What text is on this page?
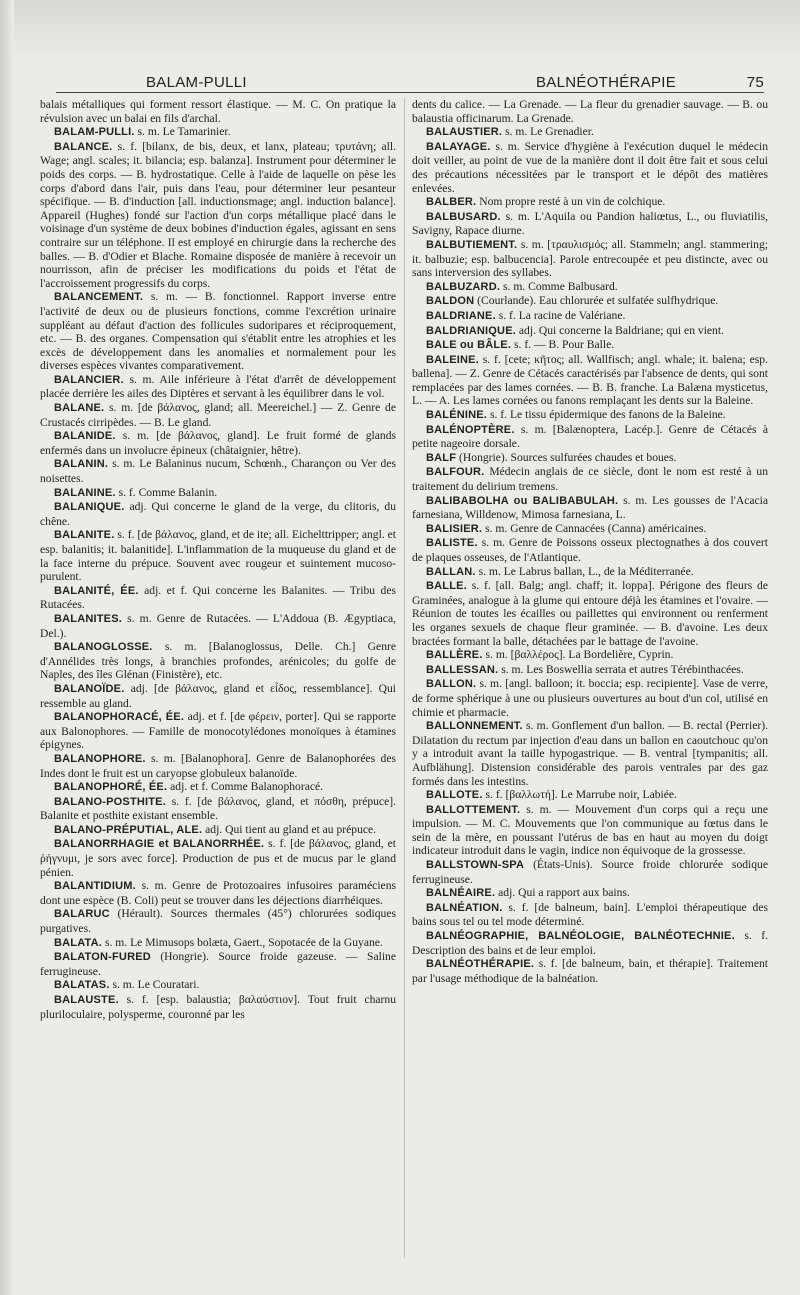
BALAM-PULLI	BALNÉOTHÉRAPIE	75

balais métalliques qui forment ressort élastique. — M. C. On pratique la révulsion avec un balai en fils d'archal.

BALAM-PULLI. s. m. Le Tamarinier.

BALANCE. s. f. [bilanx, de bis, deux, et lanx, plateau; τρυτάνη; all. Wage; angl. scales; it. bilancia; esp. balanza]. Instrument pour déterminer le poids des corps. — B. hydrostatique. Celle à l'aide de laquelle on pèse les corps d'abord dans l'air, puis dans l'eau, pour déterminer leur pesanteur spécifique. — B. d'induction [all. inductionsmage; angl. induction balance]. Appareil (Hughes) fondé sur l'action d'un corps métallique placé dans le voisinage d'un système de deux bobines d'induction égales, agissant en sens contraire sur un téléphone. Il est employé en chirurgie dans la recherche des balles. — B. d'Odier et Blache. Romaine disposée de manière à recevoir un nourrisson, afin de préciser les modifications du poids et l'état de l'accroissement progressifs du corps.

BALANCEMENT. s. m. — B. fonctionnel. Rapport inverse entre l'activité de deux ou de plusieurs fonctions, comme l'excrétion urinaire suppléant au défaut d'action des follicules sudoripares et réciproquement, etc. — B. des organes. Compensation qui s'établit entre les atrophies et les excès de développement dans les anomalies et normalement pour les diverses espèces vivantes comparativement.

BALANCIER. s. m. Aile inférieure à l'état d'arrêt de développement placée derrière les ailes des Diptères et servant à les équilibrer dans le vol.

BALANE. s. m. [de βάλανος, gland; all. Meereichel.] — Z. Genre de Crustacés cirripèdes. — B. Le gland.

BALANIDE. s. m. [de βάλανος, gland]. Le fruit formé de glands enfermés dans un involucre épineux (châtaignier, hêtre).

BALANIN. s. m. Le Balaninus nucum, Schœnh., Charançon ou Ver des noisettes.

BALANINE. s. f. Comme Balanin.

BALANIQUE. adj. Qui concerne le gland de la verge, du clitoris, du chêne.

BALANITE. s. f. [de βάλανος, gland, et de ite; all. Eichelttripper; angl. et esp. balanitis; it. balanitide]. L'inflammation de la muqueuse du gland et de la face interne du prépuce. Souvent avec rougeur et suintement mucoso-purulent.

BALANITÉ, ÉE. adj. et f. Qui concerne les Balanites. — Tribu des Rutacées.

BALANITES. s. m. Genre de Rutacées. — L'Addoua (B. Ægyptiaca, Del.).

BALANOGLOSSE. s. m. [Balanoglossus, Delle. Ch.] Genre d'Annélides très longs, à branchies profondes, arénicoles; du golfe de Naples, des îles Glénan (Finistère), etc.

BALANOÏDE. adj. [de βάλανος, gland et εἶδος, ressemblance]. Qui ressemble au gland.

BALANOPHORACÉ, ÉE. adj. et f. [de φέρειν, porter]. Qui se rapporte aux Balonophores. — Famille de monocotylédones monoïques à étamines épigynes.

BALANOPHORE. s. m. [Balanophora]. Genre de Balanophorées des Indes dont le fruit est un caryopse globuleux balanoïde.

BALANOPHORÉ, ÉE. adj. et f. Comme Balanophoracé.

BALANO-POSTHITE. s. f. [de βάλανος, gland, et πόσθη, prépuce]. Balanite et posthite existant ensemble.

BALANO-PRÉPUTIAL, ALE. adj. Qui tient au gland et au prépuce.

BALANORRHAGIE et BALANORRHÉE. s. f. [de βάλανος, gland, et ῥήγνυμι, je sors avec force]. Production de pus et de mucus par le gland pénien.

BALANTIDIUM. s. m. Genre de Protozoaires infusoires paraméciens dont une espèce (B. Coli) peut se trouver dans les déjections diarrhéiques.

BALARUC (Hérault). Sources thermales (45°) chlorurées sodiques purgatives.

BALATA. s. m. Le Mimusops bolæta, Gaert., Sopotacée de la Guyane.

BALATON-FURED (Hongrie). Source froide gazeuse. — Saline ferrugineuse.

BALATAS. s. m. Le Couratari.

BALAUSTE. s. f. [esp. balaustia; βαλαύστιον]. Tout fruit charnu pluriloculaire, polysperme, couronné par les

dents du calice. — La Grenade. — La fleur du grenadier sauvage. — B. ou balaustia officinarum. La Grenade.

BALAUSTIER. s. m. Le Grenadier.

BALAYAGE. s. m. Service d'hygiène à l'exécution duquel le médecin doit veiller, au point de vue de la manière dont il doit être fait et sous celui des précautions nécessitées par le transport et le dépôt des matières enlevées.

BALBER. Nom propre resté à un vin de colchique.

BALBUSARD. s. m. L'Aquila ou Pandion haliœtus, L., ou fluviatilis, Savigny, Rapace diurne.

BALBUTIEMENT. s. m. [τραυλισμός; all. Stammeln; angl. stammering; it. balbuzie; esp. balbucencia]. Parole entrecoupée et peu distincte, avec ou sans interversion des syllabes.

BALBUZARD. s. m. Comme Balbusard.

BALDON (Courlande). Eau chlorurée et sulfatée sulfhydrique.

BALDRIANE. s. f. La racine de Valériane.

BALDRIANIQUE. adj. Qui concerne la Baldriane; qui en vient.

BALE ou BÂLE. s. f. — B. Pour Balle.

BALEINE. s. f. [cete; κῆτος; all. Wallfisch; angl. whale; it. balena; esp. ballena]. — Z. Genre de Cétacés caractérisés par l'absence de dents, qui sont remplacées par des lames cornées. — B. B. franche. La Balæna mysticetus, L. — A. Les lames cornées ou fanons remplaçant les dents sur la Baleine.

BALÉNINE. s. f. Le tissu épidermique des fanons de la Baleine.

BALÉNOPTÈRE. s. m. [Balænoptera, Lacép.]. Genre de Cétacés à petite nageoire dorsale.

BALF (Hongrie). Sources sulfurées chaudes et boues.

BALFOUR. Médecin anglais de ce siècle, dont le nom est resté à un traitement du delirium tremens.

BALIBABOLHA ou BALIBABULAH. s. m. Les gousses de l'Acacia farnesiana, Willdenow, Mimosa farnesiana, L.

BALISIER. s. m. Genre de Cannacées (Canna) américaines.

BALISTE. s. m. Genre de Poissons osseux plectognathes à dos couvert de plaques osseuses, de l'Atlantique.

BALLAN. s. m. Le Labrus ballan, L., de la Méditerranée.

BALLE. s. f. [all. Balg; angl. chaff; it. loppa]. Périgone des fleurs de Graminées, analogue à la glume qui entoure déjà les étamines et l'ovaire. — Réunion de toutes les écailles ou paillettes qui environnent ou renferment les organes sexuels de chaque fleur graminée. — B. d'avoine. Les deux bractées formant la balle, détachées par le battage de l'avoine.

BALLÈRE. s. m. [βαλλέρος]. La Bordelière, Cyprin.

BALLESSAN. s. m. Les Boswellia serrata et autres Térébinthacées.

BALLON. s. m. [angl. balloon; it. boccia; esp. recipiente]. Vase de verre, de forme sphérique à une ou plusieurs ouvertures au bout d'un col, utilisé en chimie et pharmacie.

BALLONNEMENT. s. m. Gonflement d'un ballon. — B. rectal (Perrier). Dilatation du rectum par injection d'eau dans un ballon en caoutchouc qu'on y a introduit avant la taille hypogastrique. — B. ventral [tympanitis; all. Aufblähung]. Distension considérable des parois ventrales par des gaz formés dans les intestins.

BALLOTE. s. f. [βαλλωτή]. Le Marrube noir, Labiée.

BALLOTTEMENT. s. m. — Mouvement d'un corps qui a reçu une impulsion. — M. C. Mouvements que l'on communique au fœtus dans le sein de la mère, en poussant l'utérus de bas en haut au moyen du doigt indicateur introduit dans le vagin, indice non équivoque de la grossesse.

BALLSTOWN-SPA (États-Unis). Source froide chlorurée sodique ferrugineuse.

BALNÉAIRE. adj. Qui a rapport aux bains.

BALNÉATION. s. f. [de balneum, bain]. L'emploi thérapeutique des bains sous tel ou tel mode déterminé.

BALNÉOGRAPHIE, BALNÉOLOGIE, BALNÉOTECHNIE. s. f. Description des bains et de leur emploi.

BALNÉOTHÉRAPIE. s. f. [de balneum, bain, et thérapie]. Traitement par l'usage méthodique de la balnéation.
